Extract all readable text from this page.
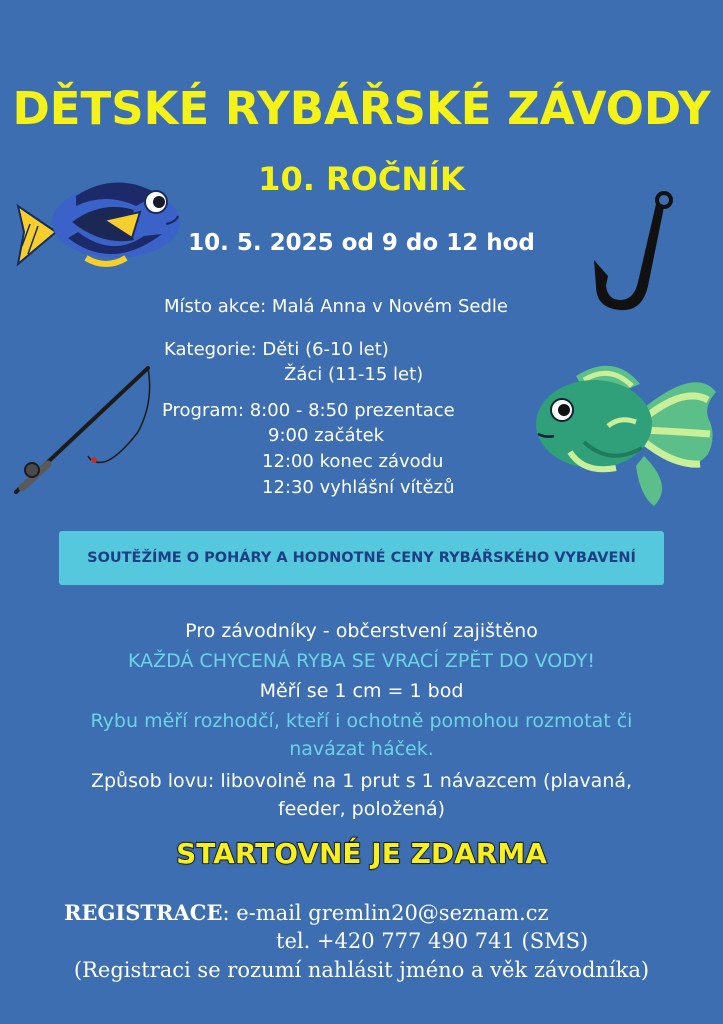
DĚTSKÉ RYBÁŘSKÉ ZÁVODY
10. ROČNÍK
10. 5. 2025 od 9 do 12 hod
Místo akce: Malá Anna v Novém Sedle
Kategorie: Děti (6-10 let)
Žáci (11-15 let)
Program: 8:00 - 8:50 prezentace
9:00 začátek
12:00 konec závodu
12:30 vyhlášní vítězů
SOUTĚŽÍME O POHÁRY A HODNOTNÉ CENY RYBÁŘSKÉHO VYBAVENÍ
Pro závodníky - občerstvení zajištěno
KAŽDÁ CHYCENÁ RYBA SE VRACÍ ZPĚT DO VODY!
Měří se 1 cm = 1 bod
Rybu měří rozhodčí, kteří i ochotně pomohou rozmotat či
navázat háček.
Způsob lovu: libovolně na 1 prut s 1 návazcem (plavaná,
feeder, položená)
STARTOVNÉ JE ZDARMA
REGISTRACE: e-mail gremlin20@seznam.cz
tel. +420 777 490 741 (SMS)
(Registraci se rozumí nahlásit jméno a věk závodníka)
